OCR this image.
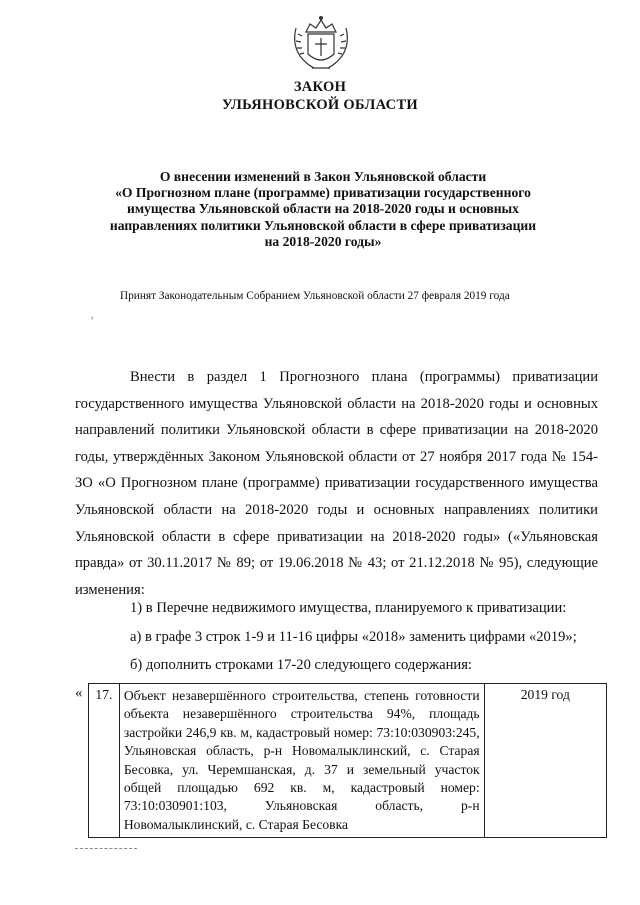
ЗАКОН
УЛЬЯНОВСКОЙ ОБЛАСТИ
О внесении изменений в Закон Ульяновской области
«О Прогнозном плане (программе) приватизации государственного
имущества Ульяновской области на 2018-2020 годы и основных
направлениях политики Ульяновской области в сфере приватизации
на 2018-2020 годы»
Принят Законодательным Собранием Ульяновской области 27 февраля 2019 года
,

Внести в раздел 1 Прогнозного плана (программы) приватизации государственного имущества Ульяновской области на 2018-2020 годы и основных направлений политики Ульяновской области в сфере приватизации на 2018-2020 годы, утверждённых Законом Ульяновской области от 27 ноября 2017 года № 154-ЗО «О Прогнозном плане (программе) приватизации государственного имущества Ульяновской области на 2018-2020 годы и основных направлениях политики Ульяновской области в сфере приватизации на 2018-2020 годы» («Ульяновская правда» от 30.11.2017 № 89; от 19.06.2018 № 43; от 21.12.2018 № 95), следующие изменения:

1) в Перечне недвижимого имущества, планируемого к приватизации:
а) в графе 3 строк 1-9 и 11-16 цифры «2018» заменить цифрами «2019»;
б) дополнить строками 17-20 следующего содержания:
« 17.	Объект незавершённого строительства, степень готовности объекта незавершённого строительства 94%, площадь застройки 246,9 кв. м, кадастровый номер: 73:10:030903:245, Ульяновская область, р-н Новомалыклинский, с. Старая Бесовка, ул. Черемшанская, д. 37 и земельный участок общей площадью 692 кв. м, кадастровый номер: 73:10:030901:103, Ульяновская область, р-н Новомалыклинский, с. Старая Бесовка	2019 год
